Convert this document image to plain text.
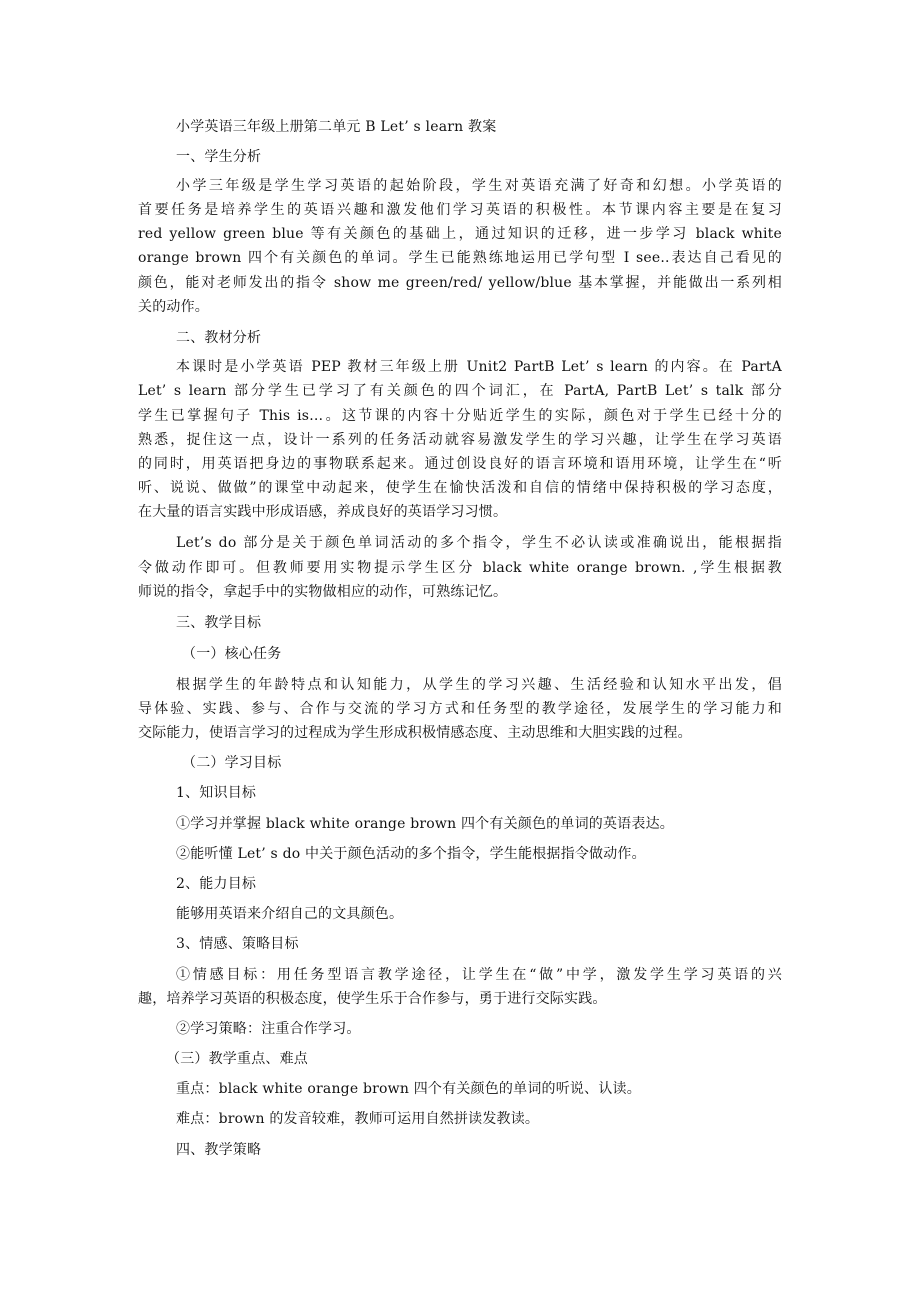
小学英语三年级上册第二单元 B Let’ s learn 教案
一、学生分析
小学三年级是学生学习英语的起始阶段，学生对英语充满了好奇和幻想。小学英语的
首要任务是培养学生的英语兴趣和激发他们学习英语的积极性。本节课内容主要是在复习
red yellow green blue 等有关颜色的基础上，通过知识的迁移，进一步学习 black white
orange brown 四个有关颜色的单词。学生已能熟练地运用已学句型 I see..表达自己看见的
颜色，能对老师发出的指令 show me green/red/ yellow/blue 基本掌握，并能做出一系列相
关的动作。
二、教材分析
本课时是小学英语 PEP 教材三年级上册 Unit2 PartB Let’ s learn 的内容。在 PartA
Let’ s learn 部分学生已学习了有关颜色的四个词汇，在 PartA, PartB Let’ s talk 部分
学生已掌握句子 This is…。这节课的内容十分贴近学生的实际，颜色对于学生已经十分的
熟悉，捉住这一点，设计一系列的任务活动就容易激发学生的学习兴趣，让学生在学习英语
的同时，用英语把身边的事物联系起来。通过创设良好的语言环境和语用环境，让学生在“听
听、说说、做做”的课堂中动起来，使学生在愉快活泼和自信的情绪中保持积极的学习态度，
在大量的语言实践中形成语感，养成良好的英语学习习惯。
Let’s do 部分是关于颜色单词活动的多个指令，学生不必认读或准确说出，能根据指
令做动作即可。但教师要用实物提示学生区分 black white orange brown. ,学生根据教
师说的指令，拿起手中的实物做相应的动作，可熟练记忆。
三、教学目标
（一）核心任务
根据学生的年龄特点和认知能力，从学生的学习兴趣、生活经验和认知水平出发，倡
导体验、实践、参与、合作与交流的学习方式和任务型的教学途径，发展学生的学习能力和
交际能力，使语言学习的过程成为学生形成积极情感态度、主动思维和大胆实践的过程。
（二）学习目标
1、知识目标
①学习并掌握 black white orange brown 四个有关颜色的单词的英语表达。
②能听懂 Let’ s do 中关于颜色活动的多个指令，学生能根据指令做动作。
2、能力目标
能够用英语来介绍自己的文具颜色。
3、情感、策略目标
①情感目标：用任务型语言教学途径，让学生在“做”中学，激发学生学习英语的兴
趣，培养学习英语的积极态度，使学生乐于合作参与，勇于进行交际实践。
②学习策略：注重合作学习。
（三）教学重点、难点
重点：black white orange brown 四个有关颜色的单词的听说、认读。
难点：brown 的发音较难，教师可运用自然拼读发教读。
四、教学策略
